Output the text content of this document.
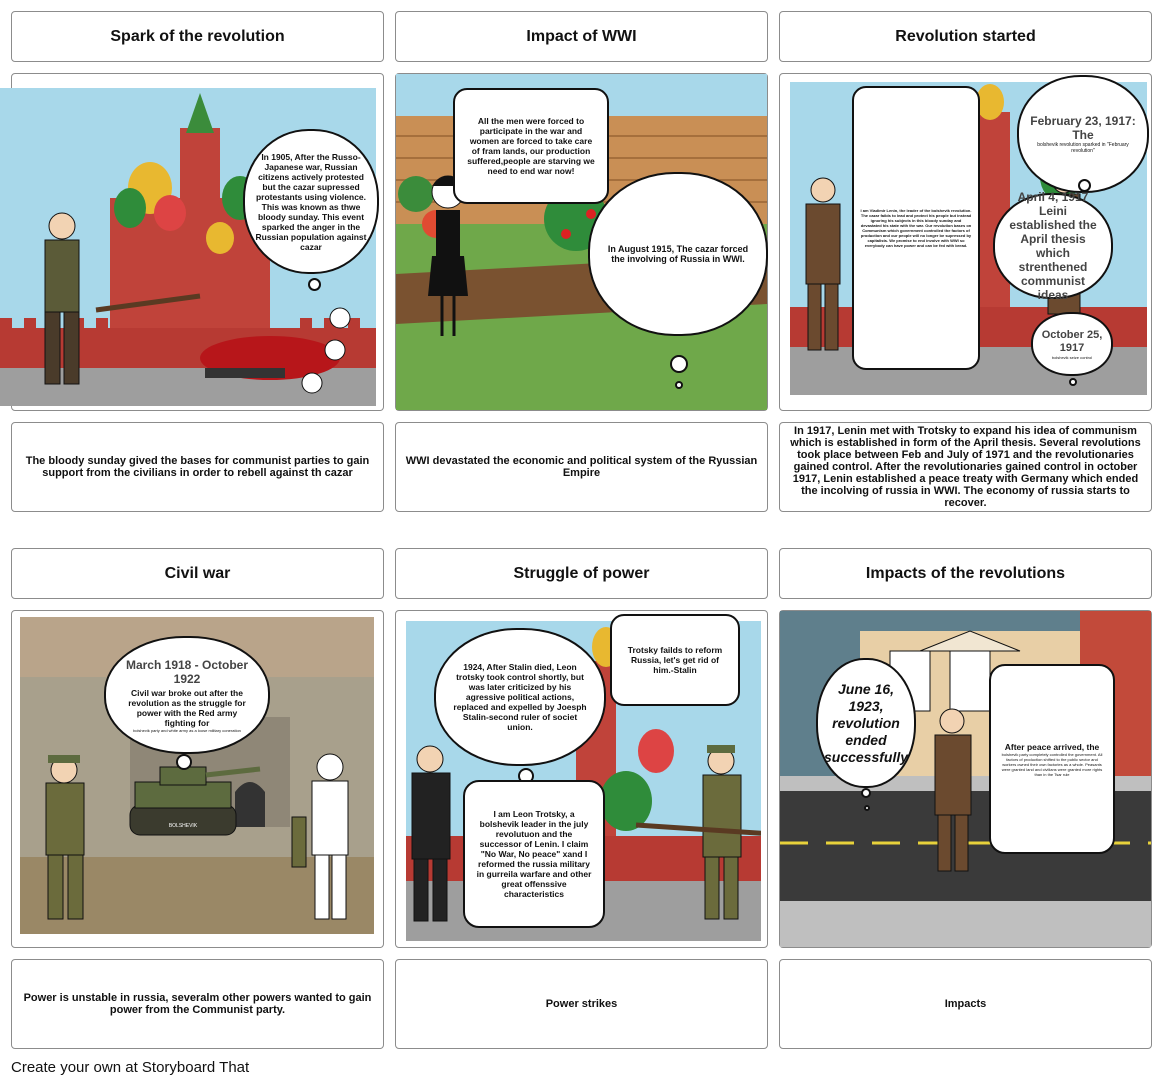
Spark of the revolution	Impact of WWI	Revolution started
In 1905, After the Russo-Japanese war, Russian citizens actively protested but the cazar supressed protestants using violence. This was known as thwe bloody sunday. This event sparked the anger in the Russian population against cazar
All the men were forced to participate in the war and women are forced to take care of fram lands, our production suffered,people are starving we need to end war now!
In August 1915, The cazar forced the involving of Russia in WWI.
I am Vladimir Lenin, the leader of the bolshevik revolution. The cazar failds to lead and protect his people but instead ignoring his subjects in this bloody sunday and devastated his state with the war. Our revolution bases on Communism which government controlled the factors of production and our people will no longer be supressed by capitalists. We promise to end involve with WWI so everybody can have power and can be fed with bread.
February 23, 1917: The
bolshevik revolution sparked in "February revolution"
April 4, 1917 Leini established the April thesis which strenthened communist ideas
October 25, 1917
bolshevik seize control
The bloody sunday gived the bases for communist parties to gain support from the civilians in order to rebell against th cazar
WWI devastated the economic and political system of the Ryussian Empire
In 1917, Lenin met with Trotsky to expand his idea of communism which is established in form of the April thesis. Several revolutions took place between Feb and July of 1971 and the revolutionaries gained control. After the revolutionaries gained control in october 1917, Lenin established a peace treaty with Germany which ended the incolving of russia in WWI. The economy of russia starts to recover.
Civil war	Struggle of power	Impacts of the revolutions
BOLSHEVIK
March 1918 - October 1922
Civil war broke out after the revolution as the struggle for power with the Red army fighting for
bolshevik party and white army as a loose military coneration
1924, After Stalin died, Leon trotsky took control shortly, but was later criticized by his agressive political actions, replaced and expelled by Joesph Stalin-second ruler of societ union.
Trotsky failds to reform Russia, let's get rid of him.-Stalin
I am Leon Trotsky, a bolshevik leader in the july revolutuon and the successor of Lenin. I claim "No War, No peace" xand I reformed the russia military in gurreila warfare and other great offenssive characteristics
June 16, 1923, revolution ended successfully
After peace arrived, the
bolshevik party completely controlled the government. All factors of production shifted to the public sector and workers owned their own factories as a whole. Peasants were granted land and civilians were granted more rights than in the Tsar rule
Power is unstable in russia, severalm other powers wanted to gain power from the Communist party.	Power strikes	Impacts
Create your own at Storyboard That
